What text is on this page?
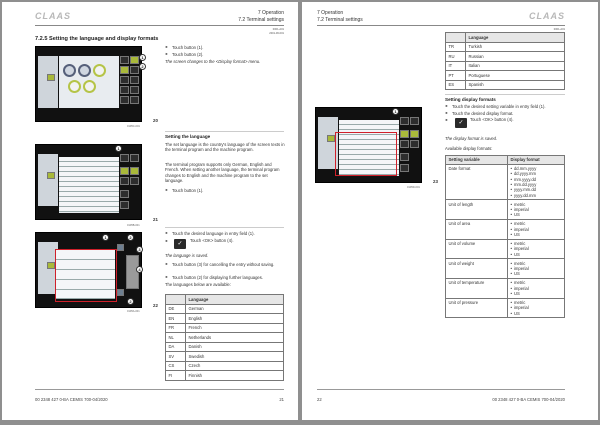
CLAAS	7 Operation
7.2 Terminal settings
0001-A01
2001-06-001
7.2.5 Setting the language and display formats
1
2
20
0105C-001
► Touch button (1).
► Touch button (2).
The screen changes to the <Display format> menu.
Setting the language
The set language is the country's language of the screen texts in the terminal program and the machine program.
The terminal program supports only German, English and French. When setting another language, the terminal program changes to English and the machine program to the set language.
► Touch button (1).
1
21
0105B-001
1	2
3
4
2
22
0105A-001
► Touch the desired language in entry field (1).
✓
Touch <OK> button (4).
The language is saved.
► Touch button (3) for cancelling the entry without saving.
► Touch button (2) for displaying further languages.
The languages below are available:
	Language
DE	German
EN	English
FR	French
NL	Netherlands
DA	Danish
SV	Swedish
CS	Czech
FI	Finnish
00 2348 427 0-BA CEMIS 700-04/2020	21
7 Operation
7.2 Terminal settings	CLAAS
0001-A01
	Language
TR	Turkish
RU	Russian
IT	Italian
PT	Portuguese
ES	Spanish
Setting display formats
► Touch the desired setting variable in entry field (1).
► Touch the desired display format.
✓
Touch <OK> button (4).
The display format is saved.
Available display formats:
1
23
0105D-001
Setting variable	Display format
Date format	
•dd.mm.yyyy
• dd.yyyy.mm
• mm.yyyy.dd
• mm.dd.yyyy
• yyyy.mm.dd
• yyyy.dd.mm

Unit of length	
•metric
• imperial
• US

Unit of area	
•metric
• imperial
• US

Unit of volume	
•metric
• imperial
• US

Unit of weight	
•metric
• imperial
• US

Unit of temperature	
•metric
• imperial
• US

Unit of pressure	
•metric
• imperial
• US
22	00 2348 427 0-BA CEMIS 700-04/2020
